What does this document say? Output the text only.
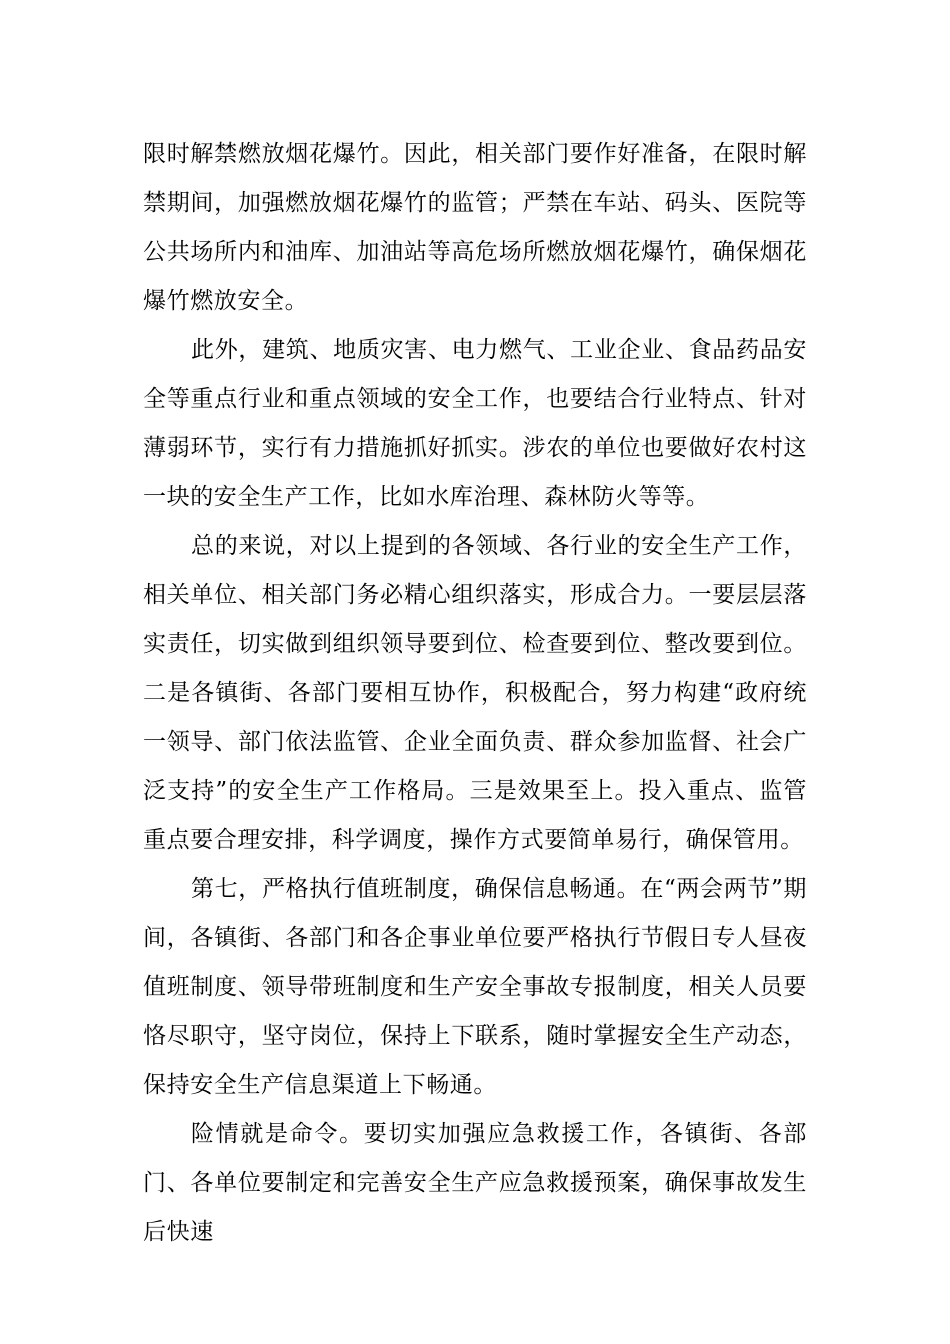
限时解禁燃放烟花爆竹。因此，相关部门要作好准备，在限时解禁期间，加强燃放烟花爆竹的监管；严禁在车站、码头、医院等公共场所内和油库、加油站等高危场所燃放烟花爆竹，确保烟花爆竹燃放安全。

此外，建筑、地质灾害、电力燃气、工业企业、食品药品安全等重点行业和重点领域的安全工作，也要结合行业特点、针对薄弱环节，实行有力措施抓好抓实。涉农的单位也要做好农村这一块的安全生产工作，比如水库治理、森林防火等等。

总的来说，对以上提到的各领域、各行业的安全生产工作，相关单位、相关部门务必精心组织落实，形成合力。一要层层落实责任，切实做到组织领导要到位、检查要到位、整改要到位。二是各镇街、各部门要相互协作，积极配合，努力构建“政府统一领导、部门依法监管、企业全面负责、群众参加监督、社会广泛支持”的安全生产工作格局。三是效果至上。投入重点、监管重点要合理安排，科学调度，操作方式要简单易行，确保管用。

第七，严格执行值班制度，确保信息畅通。在“两会两节”期间，各镇街、各部门和各企事业单位要严格执行节假日专人昼夜值班制度、领导带班制度和生产安全事故专报制度，相关人员要恪尽职守，坚守岗位，保持上下联系，随时掌握安全生产动态，保持安全生产信息渠道上下畅通。

险情就是命令。要切实加强应急救援工作，各镇街、各部门、各单位要制定和完善安全生产应急救援预案，确保事故发生后快速
